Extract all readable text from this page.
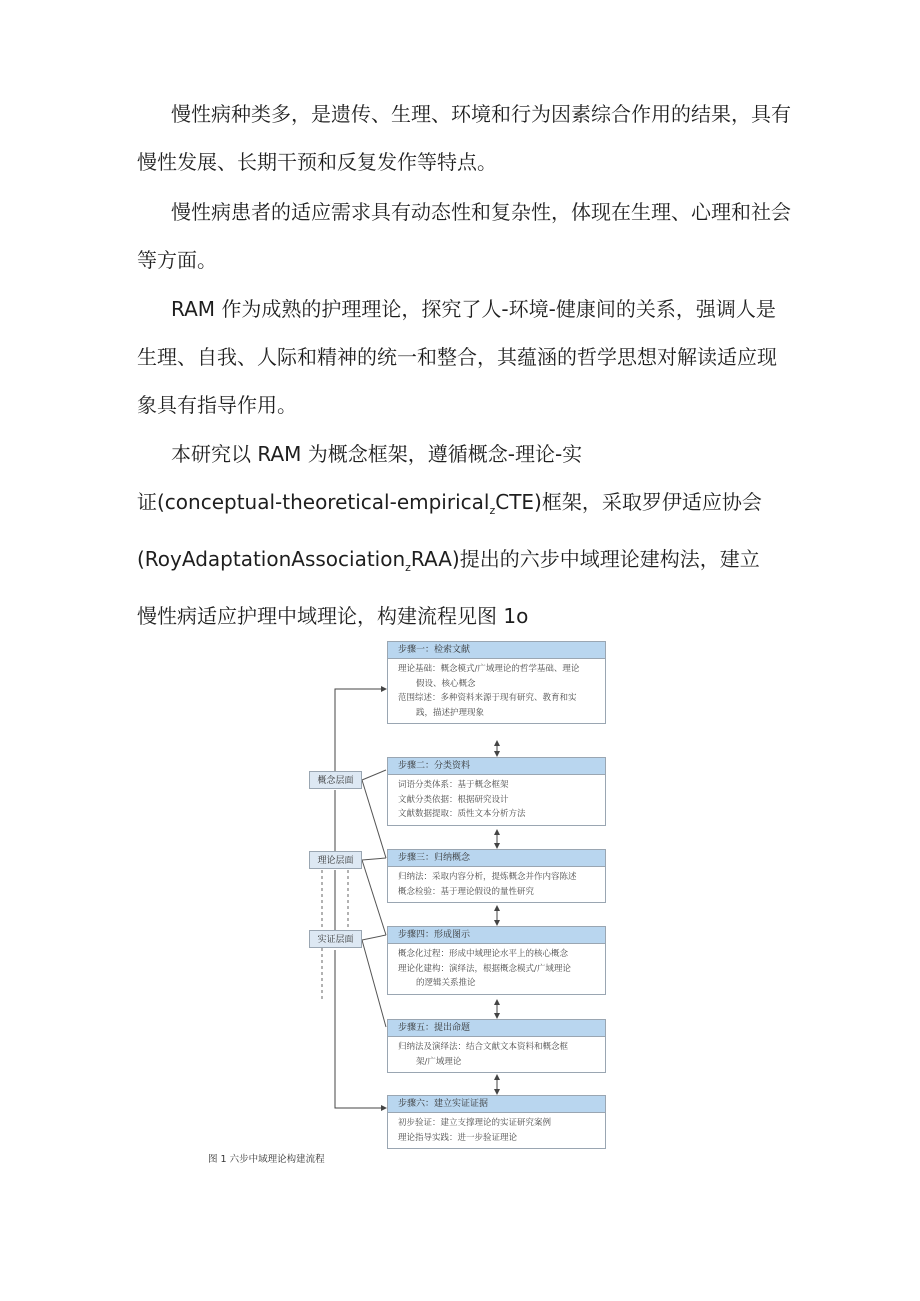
慢性病种类多，是遗传、生理、环境和行为因素综合作用的结果，具有
慢性发展、长期干预和反复发作等特点。
慢性病患者的适应需求具有动态性和复杂性，体现在生理、心理和社会
等方面。
RAM 作为成熟的护理理论，探究了人-环境-健康间的关系，强调人是
生理、自我、人际和精神的统一和整合，其蕴涵的哲学思想对解读适应现
象具有指导作用。
本研究以 RAM 为概念框架，遵循概念-理论-实
证(conceptual-theoretical-empirical$_z$CTE)框架，采取罗伊适应协会
(RoyAdaptationAssociation$_z$RAA)提出的六步中域理论建构法，建立
慢性病适应护理中域理论，构建流程见图 1o
概念层面
理论层面
实证层面
步骤一：检索文献
理论基础：概念模式/广域理论的哲学基础、理论
假设、核心概念
范围综述：多种资料来源于现有研究、教育和实
践，描述护理现象
步骤二：分类资料
词语分类体系：基于概念框架
文献分类依据：根据研究设计
文献数据提取：质性文本分析方法
步骤三：归纳概念
归纳法：采取内容分析，提炼概念并作内容陈述
概念检验：基于理论假设的量性研究
步骤四：形成图示
概念化过程：形成中域理论水平上的核心概念
理论化建构：演绎法，根据概念模式/广域理论
的逻辑关系推论
步骤五：提出命题
归纳法及演绎法：结合文献文本资料和概念框
架/广域理论
步骤六：建立实证证据
初步验证：建立支撑理论的实证研究案例
理论指导实践：进一步验证理论
图 1 六步中域理论构建流程
